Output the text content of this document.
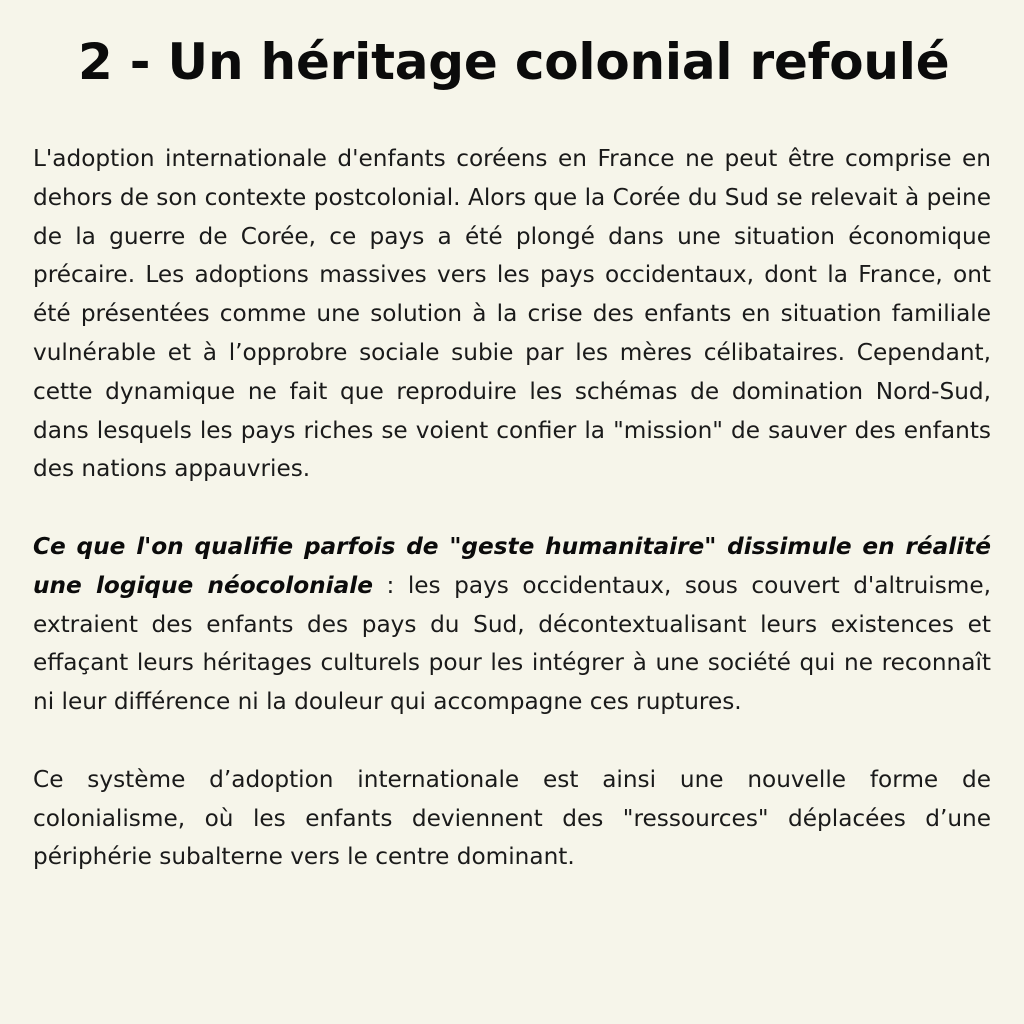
2 - Un héritage colonial refoulé

L'adoption internationale d'enfants coréens en France ne peut être comprise en dehors de son contexte postcolonial. Alors que la Corée du Sud se relevait à peine de la guerre de Corée, ce pays a été plongé dans une situation économique précaire. Les adoptions massives vers les pays occidentaux, dont la France, ont été présentées comme une solution à la crise des enfants en situation familiale vulnérable et à l’opprobre sociale subie par les mères célibataires. Cependant, cette dynamique ne fait que reproduire les schémas de domination Nord-Sud, dans lesquels les pays riches se voient confier la "mission" de sauver des enfants des nations appauvries.

Ce que l'on qualifie parfois de "geste humanitaire" dissimule en réalité une logique néocoloniale : les pays occidentaux, sous couvert d'altruisme, extraient des enfants des pays du Sud, décontextualisant leurs existences et effaçant leurs héritages culturels pour les intégrer à une société qui ne reconnaît ni leur différence ni la douleur qui accompagne ces ruptures.

Ce système d’adoption internationale est ainsi une nouvelle forme de colonialisme, où les enfants deviennent des "ressources" déplacées d’une périphérie subalterne vers le centre dominant.
